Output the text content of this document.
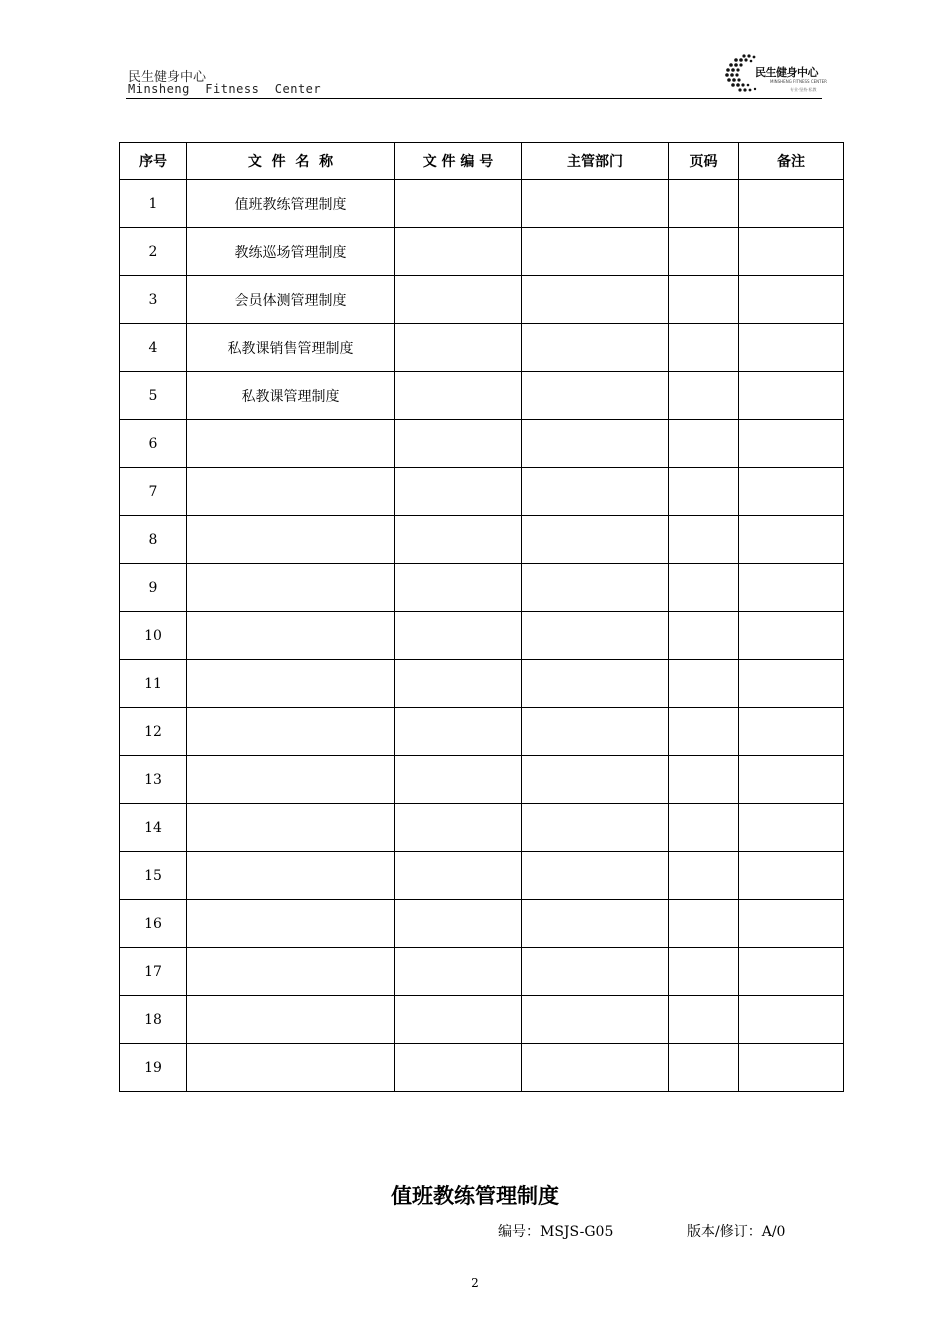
民生健身中心
Minsheng  Fitness  Center
民生健身中心
MINSHENG FITNESS CENTER
专业·坚持·私教
序号	文  件  名  称	文 件 编 号	主管部门	页码	备注
1	值班教练管理制度				
2	教练巡场管理制度				
3	会员体测管理制度				
4	私教课销售管理制度				
5	私教课管理制度				
6					
7					
8					
9					
10					
11					
12					
13					
14					
15					
16					
17					
18					
19					
值班教练管理制度
编号：MSJS-G05	版本/修订：A/0
2
